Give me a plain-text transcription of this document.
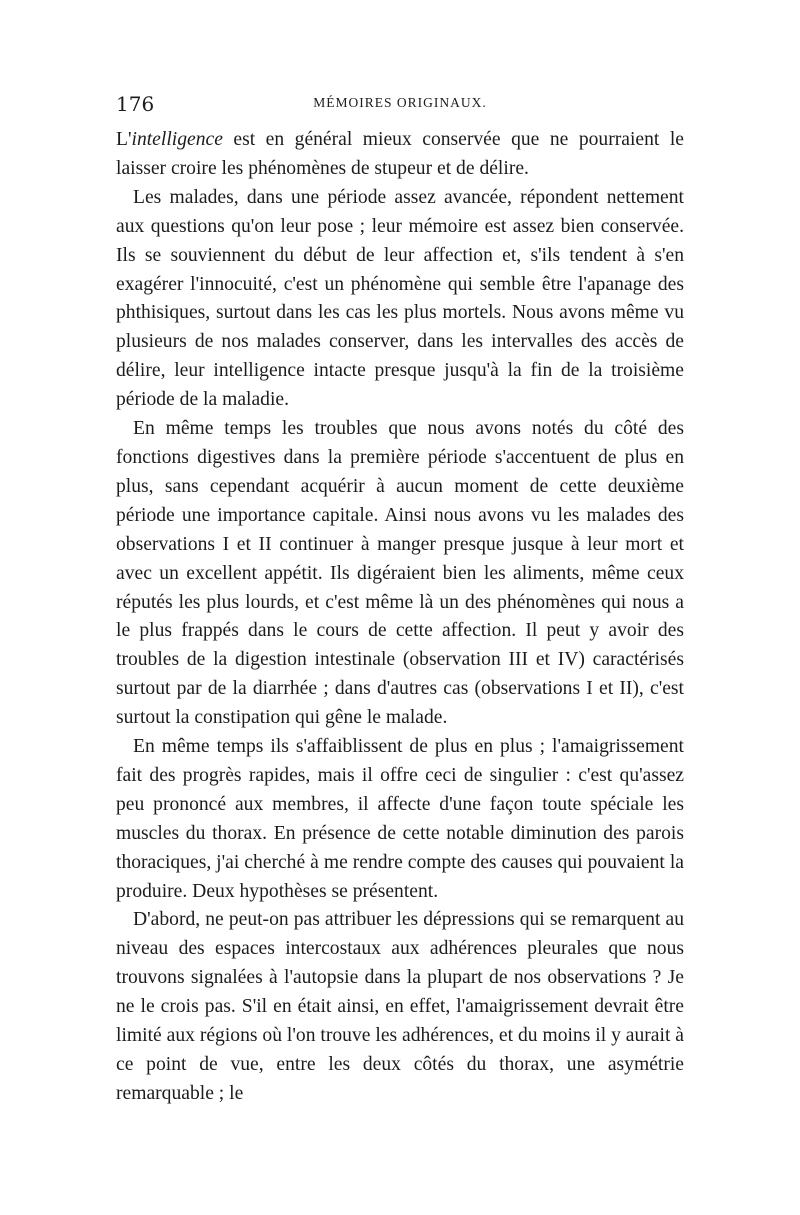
176	MÉMOIRES ORIGINAUX.

L'intelligence est en général mieux conservée que ne pourraient le laisser croire les phénomènes de stupeur et de délire.

Les malades, dans une période assez avancée, répondent nettement aux questions qu'on leur pose ; leur mémoire est assez bien conservée. Ils se souviennent du début de leur affection et, s'ils tendent à s'en exagérer l'innocuité, c'est un phénomène qui semble être l'apanage des phthisiques, surtout dans les cas les plus mortels. Nous avons même vu plusieurs de nos malades conserver, dans les intervalles des accès de délire, leur intelligence intacte presque jusqu'à la fin de la troisième période de la maladie.

En même temps les troubles que nous avons notés du côté des fonctions digestives dans la première période s'accentuent de plus en plus, sans cependant acquérir à aucun moment de cette deuxième période une importance capitale. Ainsi nous avons vu les malades des observations I et II continuer à manger presque jusque à leur mort et avec un excellent appétit. Ils digéraient bien les aliments, même ceux réputés les plus lourds, et c'est même là un des phénomènes qui nous a le plus frappés dans le cours de cette affection. Il peut y avoir des troubles de la digestion intestinale (observation III et IV) caractérisés surtout par de la diarrhée ; dans d'autres cas (observations I et II), c'est surtout la constipation qui gêne le malade.

En même temps ils s'affaiblissent de plus en plus ; l'amaigrissement fait des progrès rapides, mais il offre ceci de singulier : c'est qu'assez peu prononcé aux membres, il affecte d'une façon toute spéciale les muscles du thorax. En présence de cette notable diminution des parois thoraciques, j'ai cherché à me rendre compte des causes qui pouvaient la produire. Deux hypothèses se présentent.

D'abord, ne peut-on pas attribuer les dépressions qui se remarquent au niveau des espaces intercostaux aux adhérences pleurales que nous trouvons signalées à l'autopsie dans la plupart de nos observations ? Je ne le crois pas. S'il en était ainsi, en effet, l'amaigrissement devrait être limité aux régions où l'on trouve les adhérences, et du moins il y aurait à ce point de vue, entre les deux côtés du thorax, une asymétrie remarquable ; le
